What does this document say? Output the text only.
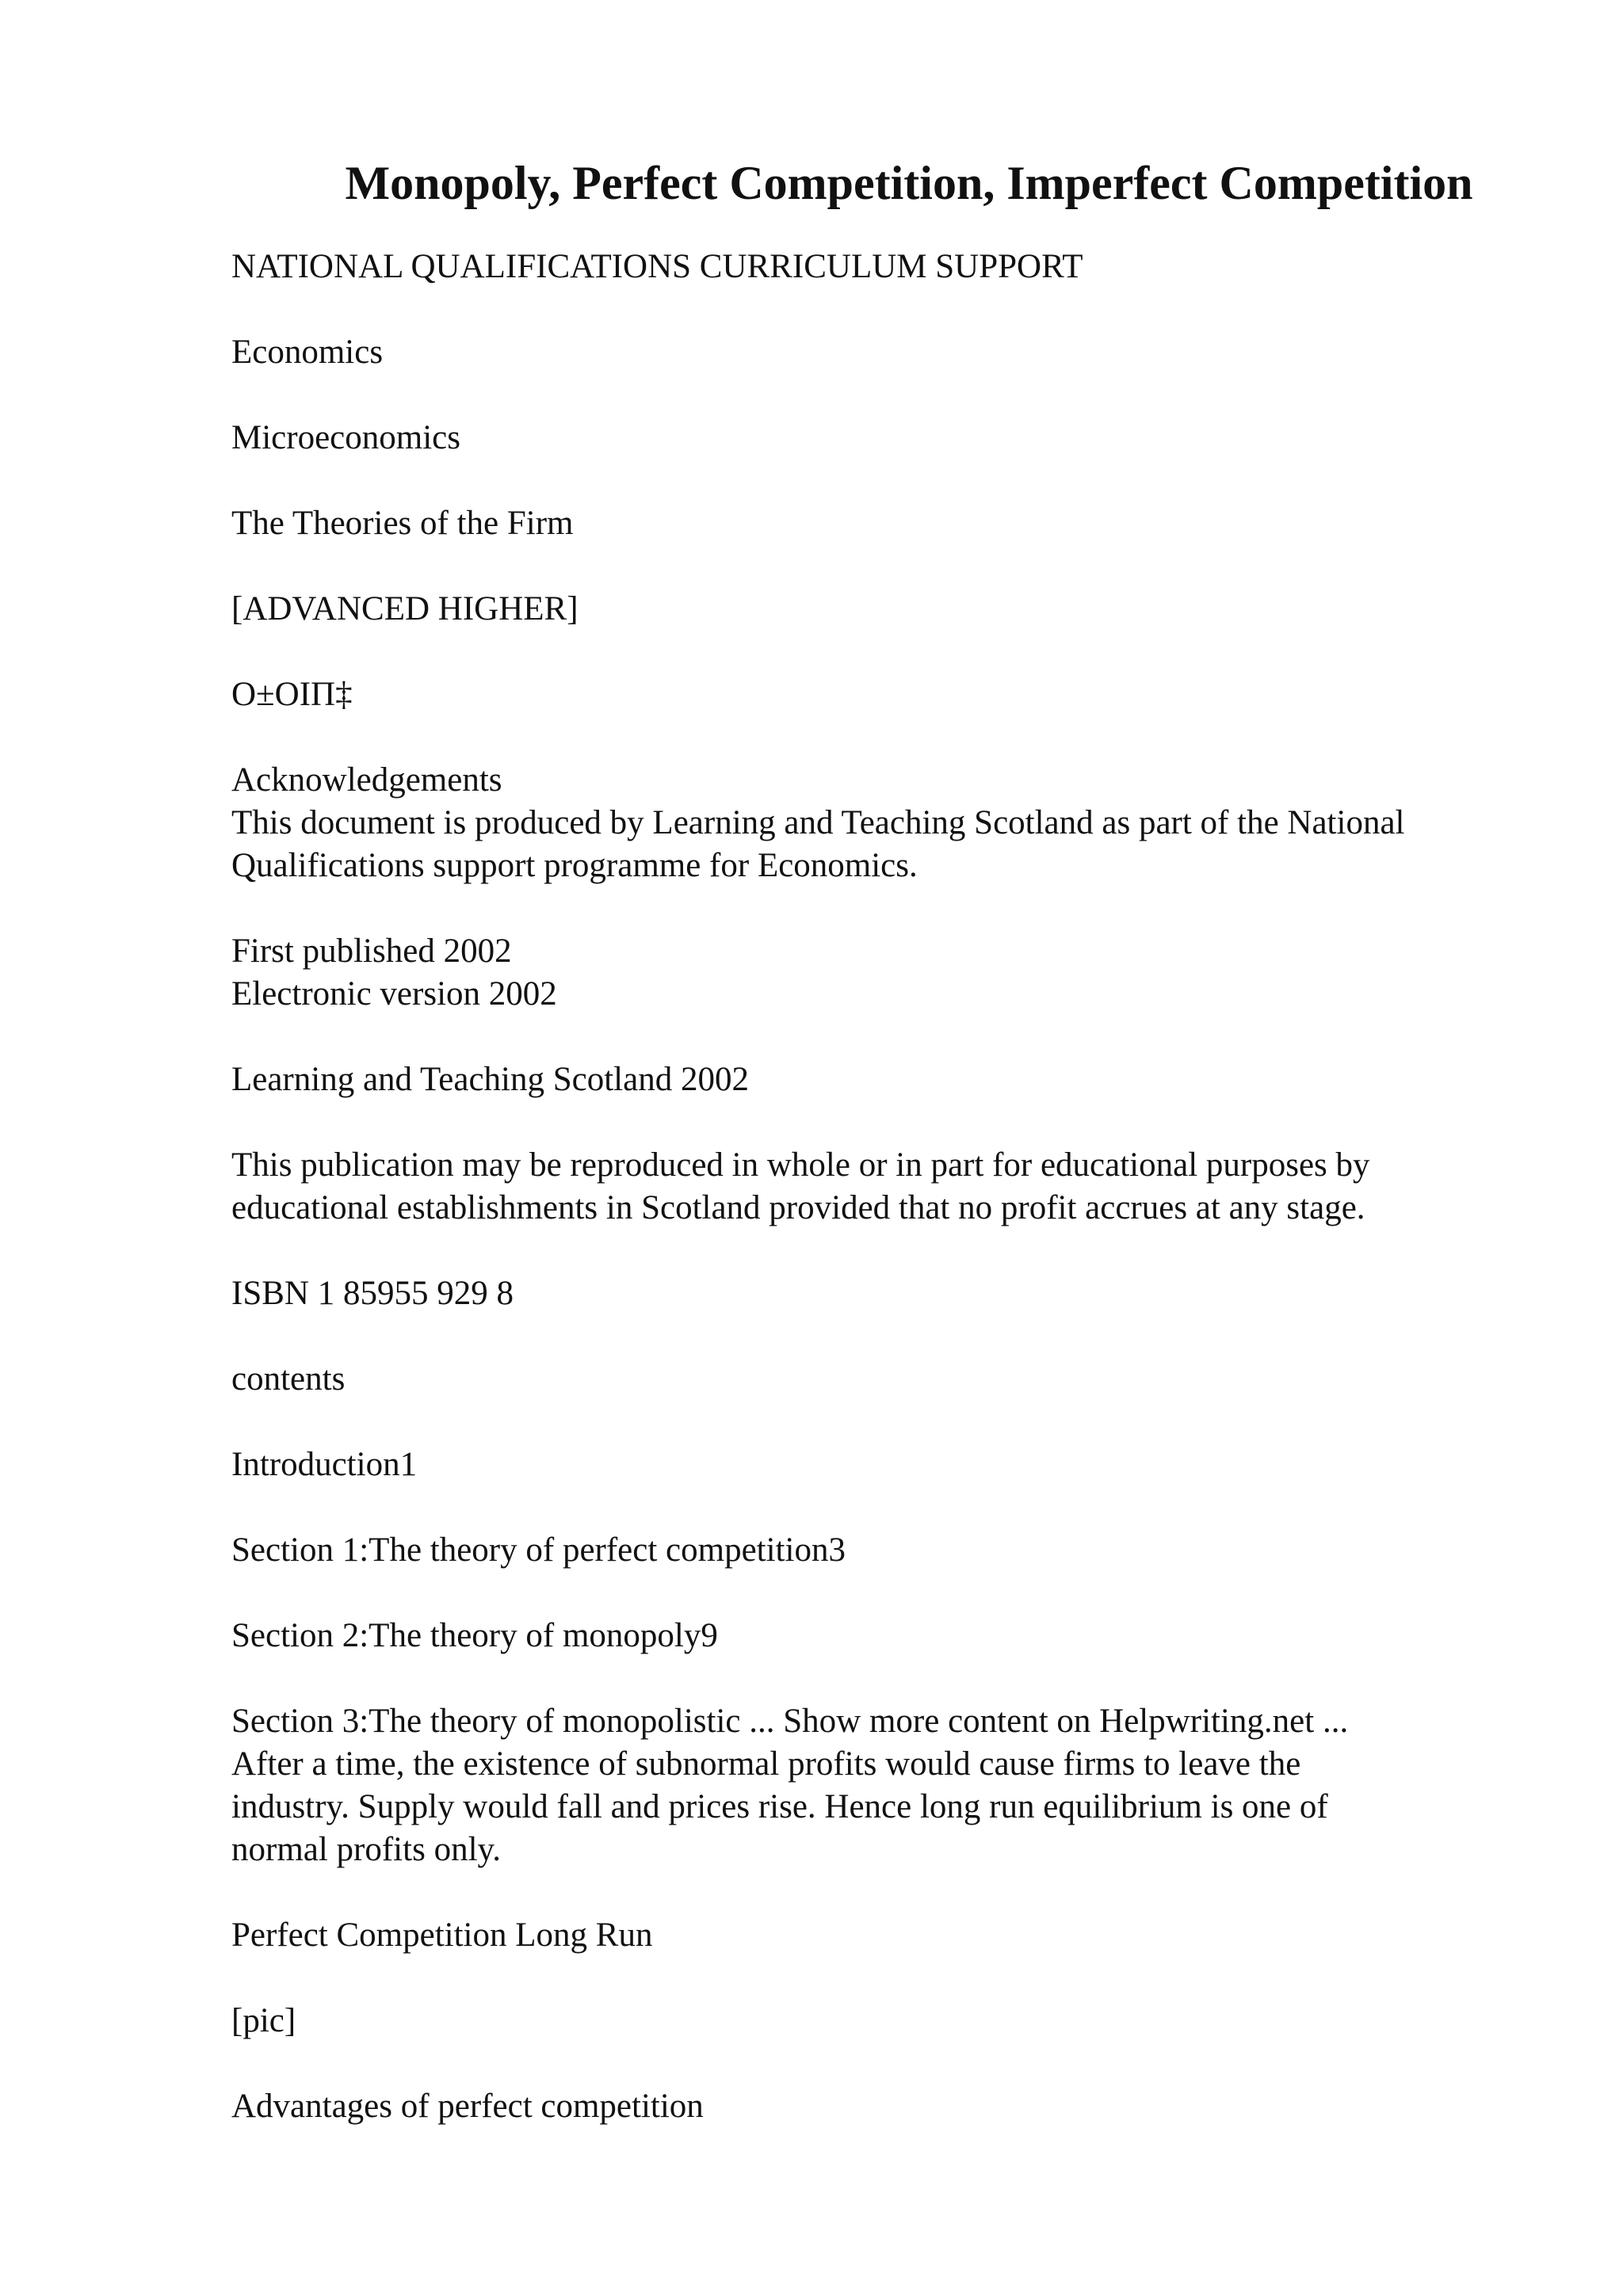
Monopoly, Perfect Competition, Imperfect Competition

NATIONAL QUALIFICATIONS CURRICULUM SUPPORT

Economics

Microeconomics

The Theories of the Firm

[ADVANCED HIGHER]

O±OIΠ‡

Acknowledgements
This document is produced by Learning and Teaching Scotland as part of the National
Qualifications support programme for Economics.

First published 2002
Electronic version 2002

Learning and Teaching Scotland 2002

This publication may be reproduced in whole or in part for educational purposes by
educational establishments in Scotland provided that no profit accrues at any stage.

ISBN 1 85955 929 8

contents

Introduction1

Section 1:The theory of perfect competition3

Section 2:The theory of monopoly9

Section 3:The theory of monopolistic ... Show more content on Helpwriting.net ...
After a time, the existence of subnormal profits would cause firms to leave the
industry. Supply would fall and prices rise. Hence long run equilibrium is one of
normal profits only.

Perfect Competition Long Run

[pic]

Advantages of perfect competition
